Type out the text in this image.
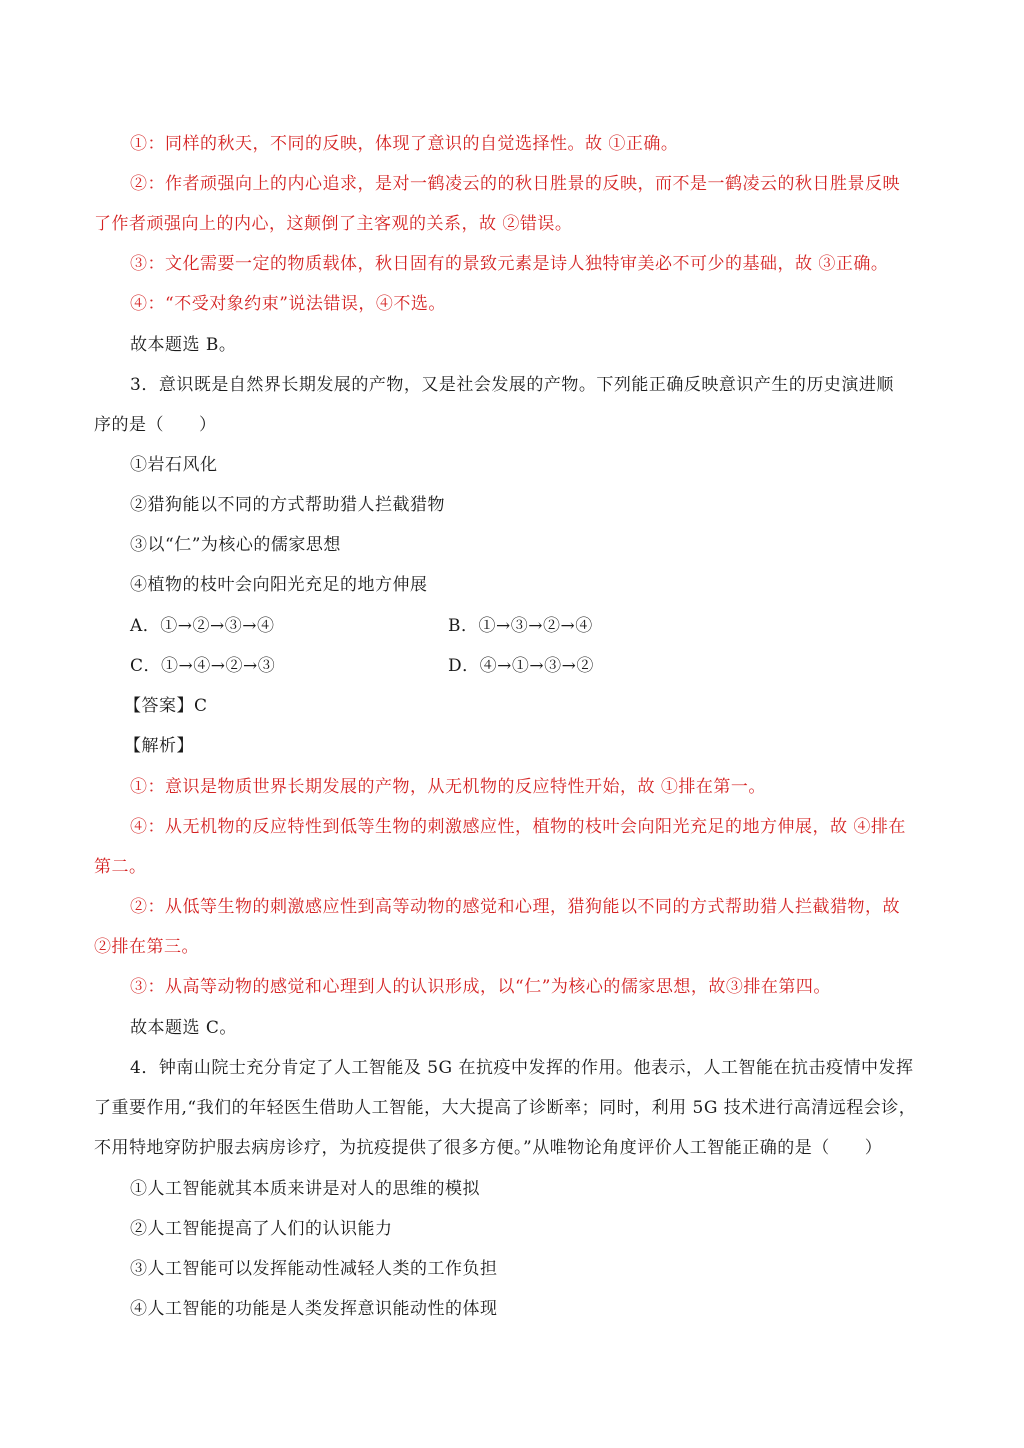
①：同样的秋天，不同的反映，体现了意识的自觉选择性。故 ①正确。
②：作者顽强向上的内心追求，是对一鹤凌云的的秋日胜景的反映，而不是一鹤凌云的秋日胜景反映
了作者顽强向上的内心，这颠倒了主客观的关系，故 ②错误。
③：文化需要一定的物质载体，秋日固有的景致元素是诗人独特审美必不可少的基础，故 ③正确。
④：“不受对象约束”说法错误，④不选。
故本题选 B。
3．意识既是自然界长期发展的产物，又是社会发展的产物。下列能正确反映意识产生的历史演进顺
序的是（　　）
①岩石风化
②猎狗能以不同的方式帮助猎人拦截猎物
③以“仁”为核心的儒家思想
④植物的枝叶会向阳光充足的地方伸展
A．①→②→③→④	B．①→③→②→④
C．①→④→②→③	D．④→①→③→②
【答案】C
【解析】
①：意识是物质世界长期发展的产物，从无机物的反应特性开始，故 ①排在第一。
④：从无机物的反应特性到低等生物的刺激感应性，植物的枝叶会向阳光充足的地方伸展，故 ④排在
第二。
②：从低等生物的刺激感应性到高等动物的感觉和心理，猎狗能以不同的方式帮助猎人拦截猎物，故
②排在第三。
③：从高等动物的感觉和心理到人的认识形成，以“仁”为核心的儒家思想，故③排在第四。
故本题选 C。
4．钟南山院士充分肯定了人工智能及 5G 在抗疫中发挥的作用。他表示，人工智能在抗击疫情中发挥
了重要作用,“我们的年轻医生借助人工智能，大大提高了诊断率；同时，利用 5G 技术进行高清远程会诊，
不用特地穿防护服去病房诊疗，为抗疫提供了很多方便。”从唯物论角度评价人工智能正确的是（　　）
①人工智能就其本质来讲是对人的思维的模拟
②人工智能提高了人们的认识能力
③人工智能可以发挥能动性减轻人类的工作负担
④人工智能的功能是人类发挥意识能动性的体现
